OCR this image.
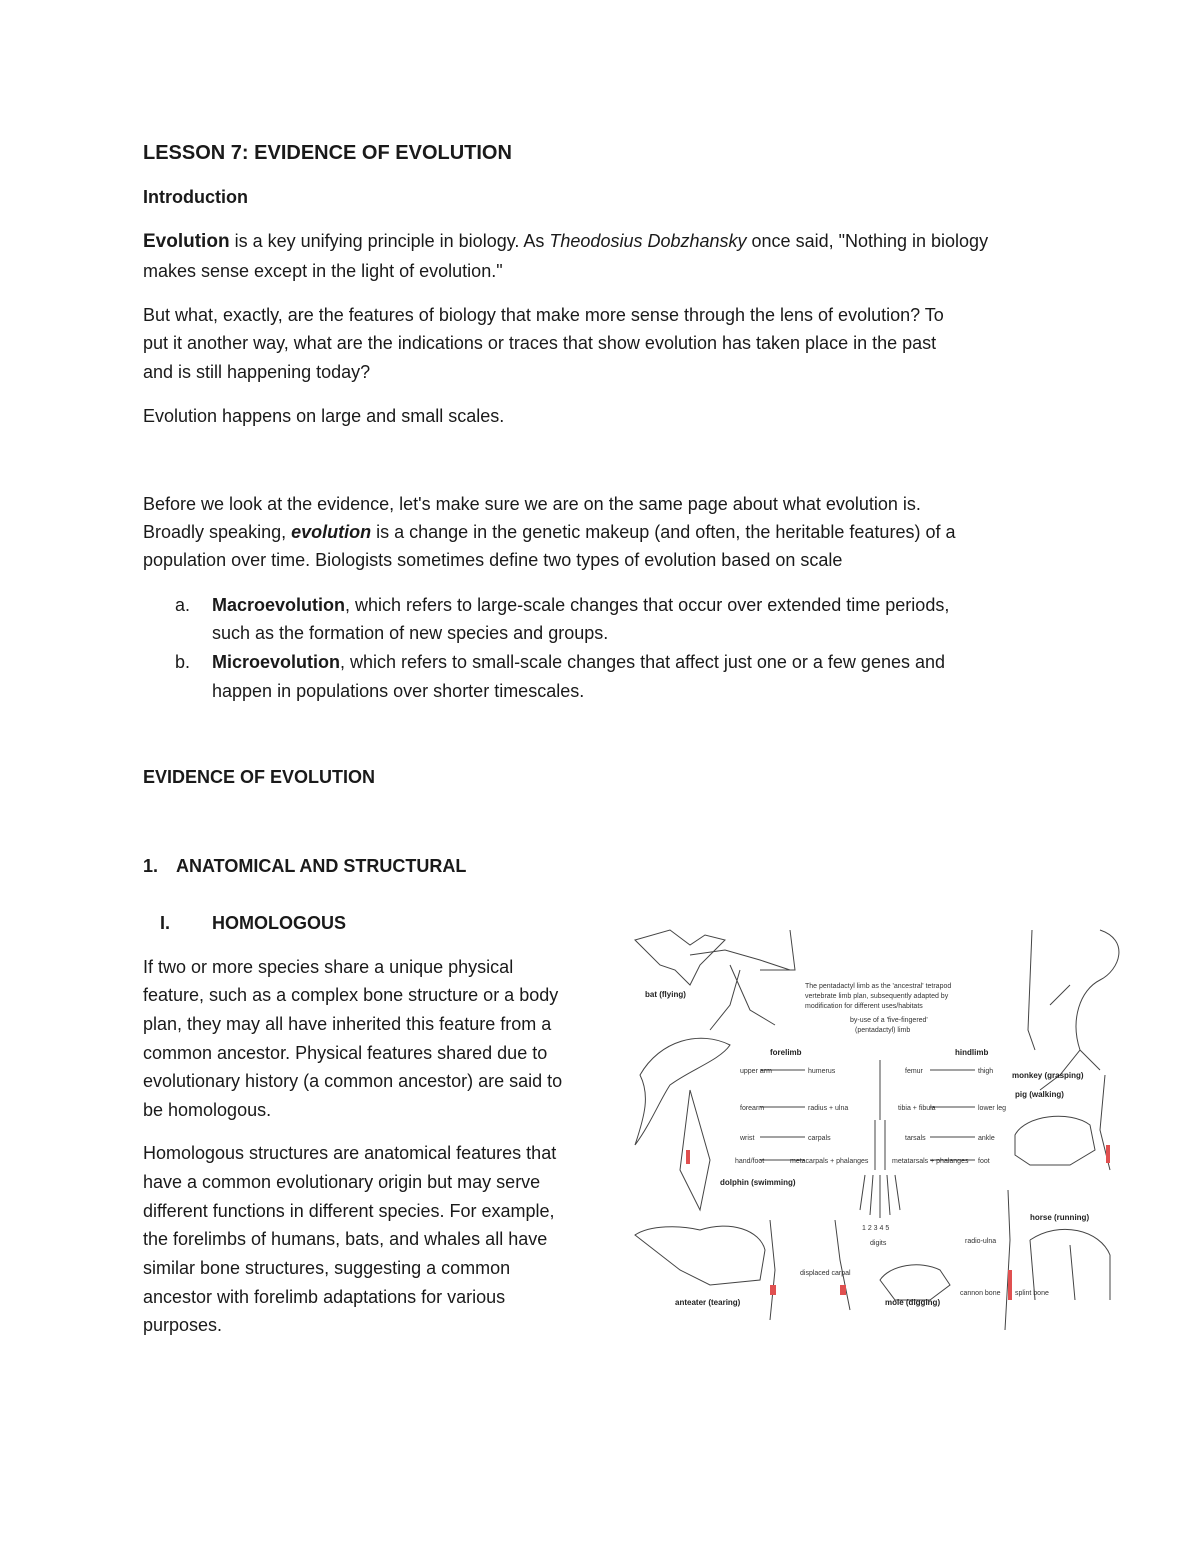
LESSON 7: EVIDENCE OF EVOLUTION
Introduction

Evolution is a key unifying principle in biology. As Theodosius Dobzhansky once said, "Nothing in biology

makes sense except in the light of evolution."

But what, exactly, are the features of biology that make more sense through the lens of evolution? To

put it another way, what are the indications or traces that show evolution has taken place in the past

and is still happening today?

Evolution happens on large and small scales.

Before we look at the evidence, let's make sure we are on the same page about what evolution is.

Broadly speaking, evolution is a change in the genetic makeup (and often, the heritable features) of a

population over time. Biologists sometimes define two types of evolution based on scale

a. Macroevolution, which refers to large-scale changes that occur over extended time periods,

such as the formation of new species and groups.

b. Microevolution, which refers to small-scale changes that affect just one or a few genes and

happen in populations over shorter timescales.

EVIDENCE OF EVOLUTION
1. ANATOMICAL AND STRUCTURAL
I. HOMOLOGOUS

If two or more species share a unique physical

feature, such as a complex bone structure or a body

plan, they may all have inherited this feature from a

common ancestor. Physical features shared due to

evolutionary history (a common ancestor) are said to

be homologous.

Homologous structures are anatomical features that

have a common evolutionary origin but may serve

different functions in different species. For example,

the forelimbs of humans, bats, and whales all have

similar bone structures, suggesting a common

ancestor with forelimb adaptations for various

purposes.

The pentadactyl limb as the 'ancestral' tetrapod
vertebrate limb plan, subsequently adapted by
modification for different uses/habitats
by-use of a 'five-fingered'
(pentadactyl) limb
forelimb	hindlimb
upper arm	humerus
forearm	radius + ulna
wrist	carpals
hand/foot	metacarpals + phalanges
femur	thigh
tibia + fibula	lower leg
tarsals	ankle
metatarsals + phalanges foot
1 2 3 4 5
digits
bat (flying)
monkey (grasping)
pig (walking)
dolphin (swimming)
horse (running)
anteater (tearing)	mole (digging)
displaced carpal
radio-ulna
cannon bone splint bone
